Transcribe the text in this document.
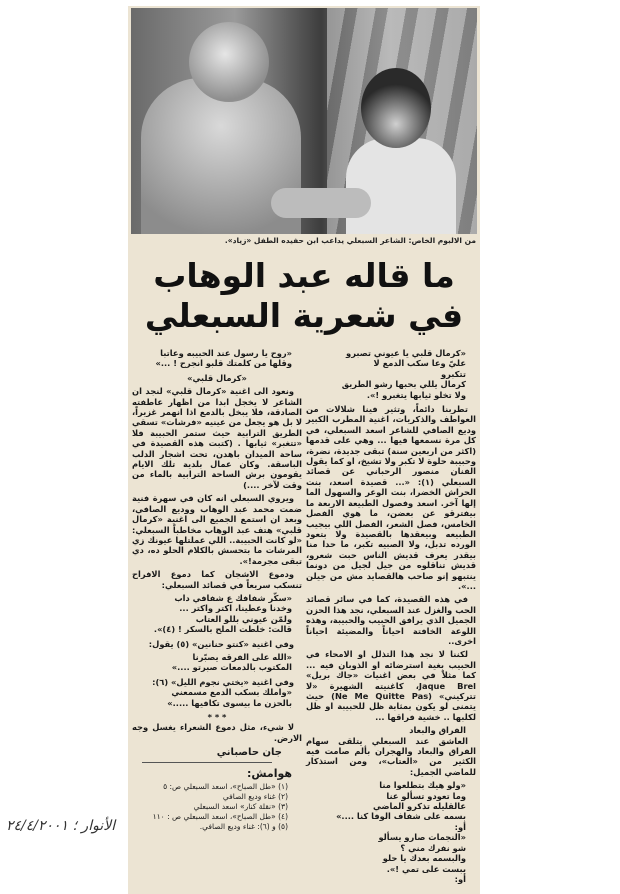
من الالبوم الخاص: الشاعر السبعلي يداعب ابن حفيده الطفل «زياد».
ما قاله عبد الوهاب
في شعرية السبعلي
«كرمال قلبي يا عيوني تصبرو
عليّ وعا سكب الدمع لا
تتكبرو
كرمال يللي بحبها رشو الطريق
ولا تخلو ثيابها يتغبرو !».

تطربنا دائماً، وتثير فينا شلالات من العواطف والذكريات، اغنية المطرب الكبير وديع الصافي للشاعر اسعد السبعلي، في كل مرة نسمعها فيها ... وهي على قدمها (اكثر من اربعين سنة) تبقى جديدة، نضرة، وحبيبة حلوة لا تكبر ولا تشيخ، او كما يقول الفنان منصور الرحباني عن قصائد السبعلي (١): «... قصيدة اسعد، بنت الحراش الخضرا، بنت الوعر والسهول الما إلها آخر. اسعد وفصول الطبيعة الاربعة ما بيفترقو عن بعضن، ما هوي الفصل الخامس، فصل الشعر، الفصل اللي بيجيب الطبيعه وبيعقدها بالقصيدة ولا بتعود الورده تدبل، ولا الصبيه تكبر، ما حدا منا بيقدر يعرف قديش الناس حبت شعرو، قديش تناقلوه من جيل لجيل من دونما ينتبهو إنو صاحب هالقصايد مش من جيلن ...».

في هذه القصيدة، كما في سائر قصائد الحب والغزل عند السبعلي، نجد هذا الحزن الجميل الذي يرافق الحبيب والحبيبة، وهذه اللوعة الخافتة احياناً والمضيئة احياناً اخرى..

لكننا لا نجد هذا التذلل او الامحاء في الحبيب بغية استرضائه او الذوبان فيه ... كما مثلاً في بعض اغنيات «جاك بريل» Jaque Brel، كاغنيته الشهيرة «لا تتركيني» (Ne Me Quitte Pas) حيث يتمنى لو يكون بمثابة ظل للحبيبة او ظل لكلبها .. خشية فراقها ...

الفراق والبعاد

العاشق عند السبعلي يتلقى سهام الفراق والبعاد والهجران بألم صامت فيه الكثير من «العتاب»، ومن استذكار للماضي الجميل:

«ولو هيك بتطلعوا منا
وما تعودو تسألو عنا
عالقليله تذكرو الماضي
بسمه على شفاف الوفا كنا ....»
أو:
«النجمات صارو يسألو
شو نفرك مني ؟
والبسمه بعدك يا حلو
يبست على تمي !».
أو:
«روح يا رسول عند الحبيبه وعاتبا
وقلها من كلمتك قلبو انجرح ! ...»
«كرمال قلبي»

ونعود الى اغنية «كرمال قلبي» لنجد ان الشاعر لا يخجل ابدا من اظهار عاطفته الصادقة، فلا يبخل بالدمع اذا انهمر غزيراً، لا بل هو يجعل من عينيه «فرشات» تسقي الطريق الترابية حيث ستمر الحبيبة فلا «تتغبر» ثيابها . (كتبت هذه القصيدة في ساحة الميدان باهدن، تحت اشجار الدلب الباسقة. وكان عمال بلدية تلك الايام يقومون برش الساحة الترابية بالماء من وقت لآخر ....)

ويروي السبعلي انه كان في سهرة فنية ضمت محمد عبد الوهاب ووديع الصافي، وبعد ان استمع الجميع الى اغنية «كرمال قلبي» هتف عبد الوهاب مخاطباً السبعلي: «لو كانت الحبيبة.. اللي عملتلها عيونك زي المرشات ما بتحسش بالكلام الحلو ده، دي تبقى مجرمة!».

ودموع الاشجان كما دموع الافراح تنسكب سريعاً في قصائد السبعلي:

«سكّر شفافك ع شفافي داب
وخدنا وعطينا، اكتر واكتر ...
ولمّن عيوني بللو العتاب
قالت: خلطت الملح بالسكر ! (٤)».

وفي اغنية «كنتو حنانين» (٥) يقول:

«الله على الفرقه يصبّرنا
المكتوب بالدمعات صبرتو ....»

وفي اغنية «يختي نجوم الليل» (٦):

«واملك بسكب الدمع مسمعني
بالحزن ما بيسوى تكافيها .....»
* * *

لا شيء، مثل دموع الشعراء يغسل وجه الارض.

جان حاصباني
هوامش:
(١) «طل الصباح»، اسعد السبعلي ص: ٥
(٢) غناء وديع الصافي
(٣) «نقلة كنار» اسعد السبعلي
(٤) «طل الصباح»، اسعد السبعلي ص : ١١٠
(٥) و (٦): غناء وديع الصافي.
الأنوار ؛ ٢٤/٤/٢٠٠١
